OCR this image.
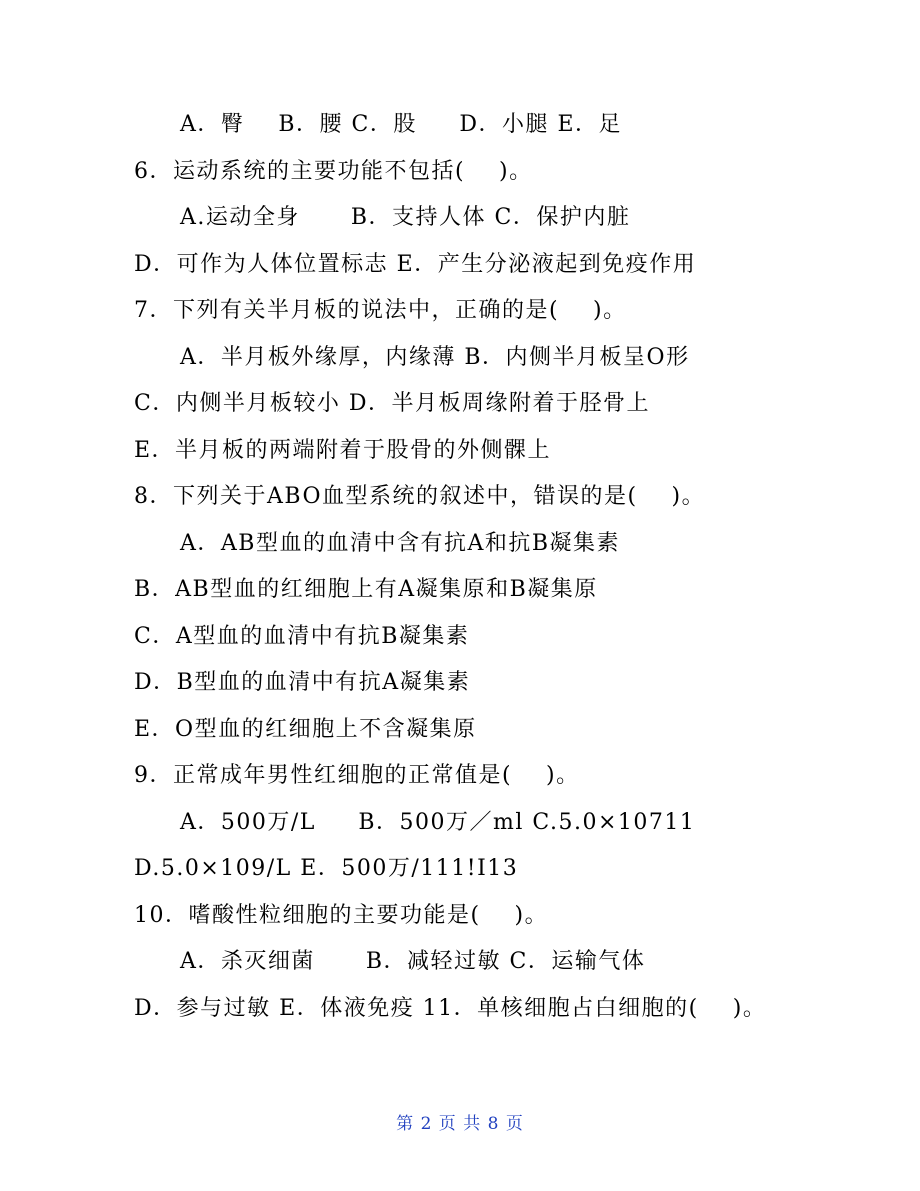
A．臀    B．腰 C．股     D．小腿 E．足
6．运动系统的主要功能不包括(    )。
A.运动全身      B．支持人体 C．保护内脏
D．可作为人体位置标志 E．产生分泌液起到免疫作用
7．下列有关半月板的说法中，正确的是(    )。
A．半月板外缘厚，内缘薄 B．内侧半月板呈O形
C．内侧半月板较小 D．半月板周缘附着于胫骨上
E．半月板的两端附着于股骨的外侧髁上
8．下列关于ABO血型系统的叙述中，错误的是(    )。
A．AB型血的血清中含有抗A和抗B凝集素
B．AB型血的红细胞上有A凝集原和B凝集原
C．A型血的血清中有抗B凝集素
D．B型血的血清中有抗A凝集素
E．O型血的红细胞上不含凝集原
9．正常成年男性红细胞的正常值是(    )。
A．500万/L     B．500万／ml C.5.0×10711
D.5.0×109/L E．500万/111!I13
10．嗜酸性粒细胞的主要功能是(    )。
A．杀灭细菌      B．减轻过敏 C．运输气体
D．参与过敏 E．体液免疫 11．单核细胞占白细胞的(    )。
第 2 页 共 8 页
